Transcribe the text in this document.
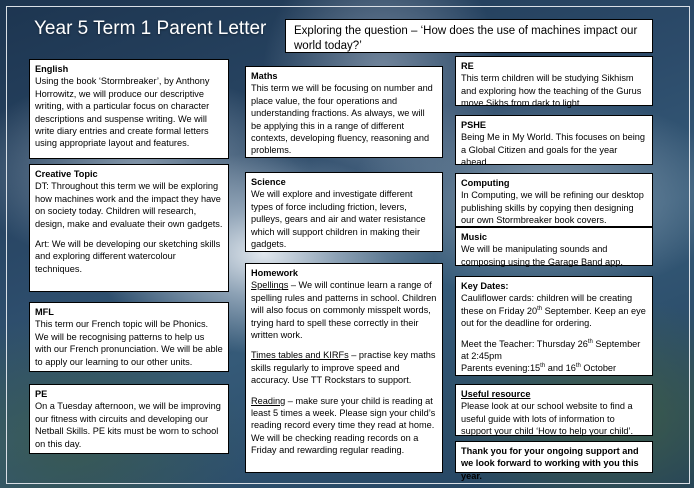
Year 5 Term 1 Parent Letter Exploring the question – ‘How does the use of machines impact our world today?’

English

Using the book ‘Stormbreaker’, by Anthony Horrowitz, we will produce our descriptive writing, with a particular focus on character descriptions and suspense writing. We will write diary entries and create formal letters using appropriate layout and features.

Creative Topic

DT: Throughout this term we will be exploring how machines work and the impact they have on society today. Children will research, design, make and evaluate their own gadgets.

Art: We will be developing our sketching skills and exploring different watercolour techniques.

MFL

This term our French topic will be Phonics. We will be recognising patterns to help us with our French pronunciation. We will be able to apply our learning to our other units.

PE

On a Tuesday afternoon, we will be improving our fitness with circuits and developing our Netball Skills. PE kits must be worn to school on this day.

Maths

This term we will be focusing on number and place value, the four operations and understanding fractions. As always, we will be applying this in a range of different contexts, developing fluency, reasoning and problems.

Science

We will explore and investigate different types of force including friction, levers, pulleys, gears and air and water resistance which will support children in making their gadgets.

Homework

Spellings – We will continue learn a range of spelling rules and patterns in school. Children will also focus on commonly misspelt words, trying hard to spell these correctly in their written work.

Times tables and KIRFs – practise key maths skills regularly to improve speed and accuracy. Use TT Rockstars to support.

Reading – make sure your child is reading at least 5 times a week. Please sign your child’s reading record every time they read at home. We will be checking reading records on a Friday and rewarding regular reading.

RE

This term children will be studying Sikhism and exploring how the teaching of the Gurus move Sikhs from dark to light.

PSHE

Being Me in My World. This focuses on being a Global Citizen and goals for the year ahead.

Computing

In Computing, we will be refining our desktop publishing skills by copying then designing our own Stormbreaker book covers.

Music

We will be manipulating sounds and composing using the Garage Band app.

Key Dates:

Cauliflower cards: children will be creating these on Friday 20th September. Keep an eye out for the deadline for ordering.

Meet the Teacher: Thursday 26th September at 2:45pm

Parents evening:15th and 16th October

Useful resource

Please look at our school website to find a useful guide with lots of information to support your child ‘How to help your child’.

Thank you for your ongoing support and we look forward to working with you this year.
